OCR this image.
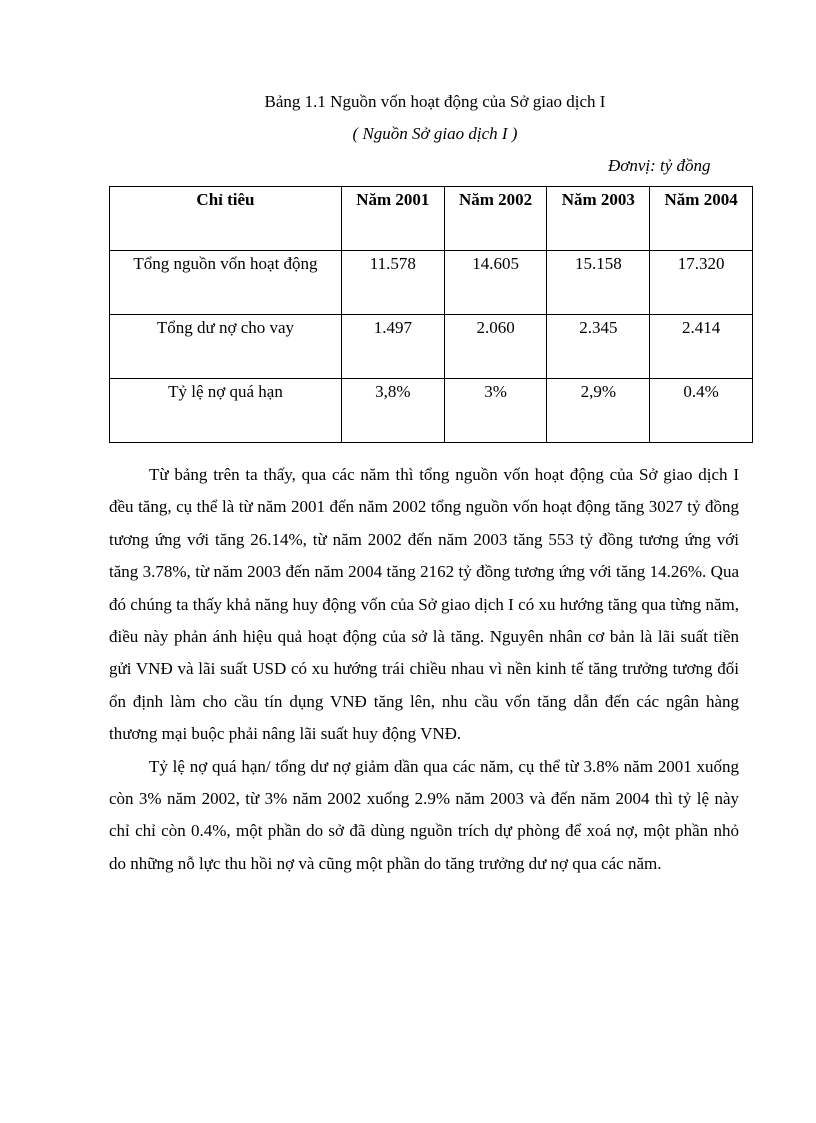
Bảng 1.1 Nguồn vốn hoạt động của Sở giao dịch I
( Nguồn Sở giao dịch I )
Đơnvị: tỷ đồng
Chỉ tiêu	Năm 2001	Năm 2002	Năm 2003	Năm 2004
Tổng nguồn vốn hoạt động	11.578	14.605	15.158	17.320
Tổng dư nợ cho vay	1.497	2.060	2.345	2.414
Tỷ lệ nợ quá hạn	3,8%	3%	2,9%	0.4%

Từ bảng trên ta thấy, qua các năm thì tổng nguồn vốn hoạt động của Sở giao dịch I đều tăng, cụ thể là từ năm 2001 đến năm 2002 tổng nguồn vốn hoạt động tăng 3027 tỷ đồng tương ứng với tăng 26.14%, từ năm 2002 đến năm 2003 tăng 553 tỷ đồng tương ứng với tăng 3.78%, từ năm 2003 đến năm 2004 tăng 2162 tỷ đồng tương ứng với tăng 14.26%. Qua đó chúng ta thấy khả năng huy động vốn của Sở giao dịch I có xu hướng tăng qua từng năm, điều này phản ánh hiệu quả hoạt động của sở là tăng. Nguyên nhân cơ bản là lãi suất tiền gửi VNĐ và lãi suất USD có xu hướng trái chiều nhau vì nền kinh tế tăng trưởng tương đối ổn định làm cho cầu tín dụng VNĐ tăng lên, nhu cầu vốn tăng dẫn đến các ngân hàng thương mại buộc phải nâng lãi suất huy động VNĐ.

Tỷ lệ nợ quá hạn/ tổng dư nợ giảm dần qua các năm, cụ thể từ 3.8% năm 2001 xuống còn 3% năm 2002, từ 3% năm 2002 xuống 2.9% năm 2003 và đến năm 2004 thì tỷ lệ này chỉ chỉ còn 0.4%, một phần do sở đã dùng nguồn trích dự phòng để xoá nợ, một phần nhỏ do những nỗ lực thu hồi nợ và cũng một phần do tăng trưởng dư nợ qua các năm.
